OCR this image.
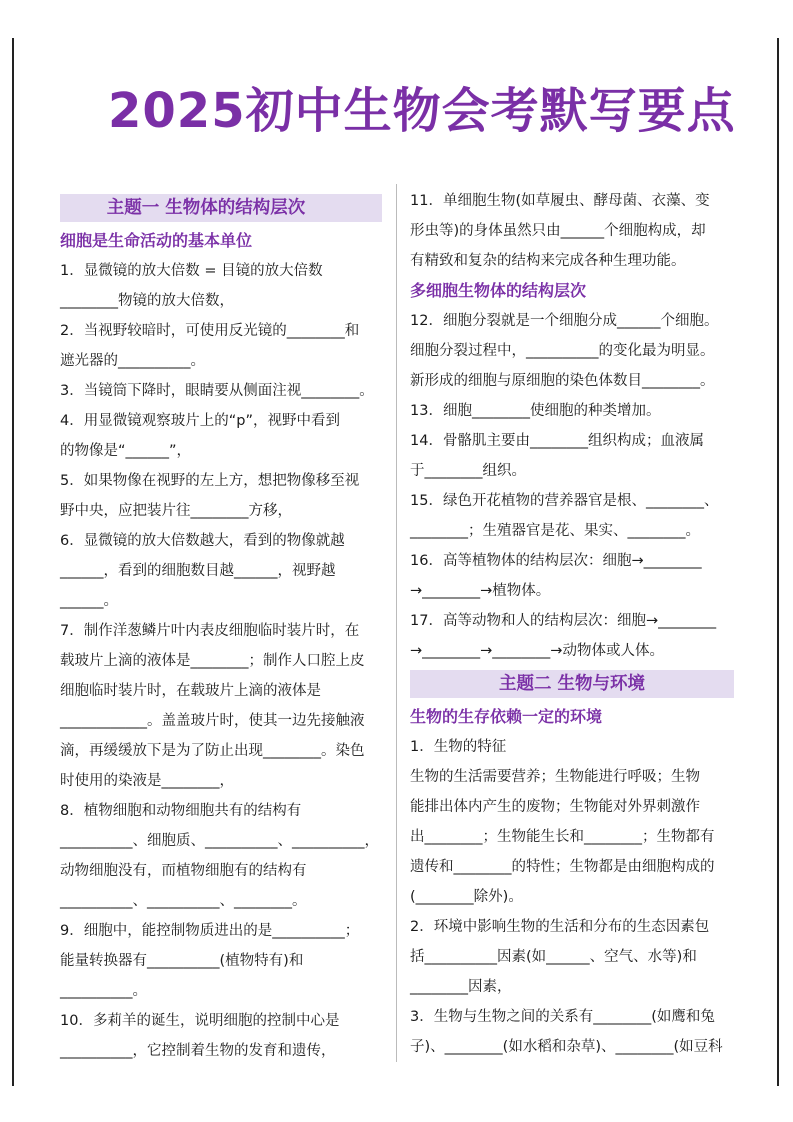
2025初中生物会考默写要点
主题一 生物体的结构层次
细胞是生命活动的基本单位
1．显微镜的放大倍数 = 目镜的放大倍数
________物镜的放大倍数，
2．当视野较暗时，可使用反光镜的________和
遮光器的__________。
3．当镜筒下降时，眼睛要从侧面注视________。
4．用显微镜观察玻片上的“p”，视野中看到
的物像是“______”，
5．如果物像在视野的左上方，想把物像移至视
野中央，应把装片往________方移，
6．显微镜的放大倍数越大，看到的物像就越
______，看到的细胞数目越______，视野越
______。
7．制作洋葱鳞片叶内表皮细胞临时装片时，在
载玻片上滴的液体是________；制作人口腔上皮
细胞临时装片时，在载玻片上滴的液体是
____________。盖盖玻片时，使其一边先接触液
滴，再缓缓放下是为了防止出现________。染色
时使用的染液是________，
8．植物细胞和动物细胞共有的结构有
__________、细胞质、__________、__________，
动物细胞没有，而植物细胞有的结构有
__________、__________、________。
9．细胞中，能控制物质进出的是__________；
能量转换器有__________(植物特有)和
__________。
10．多莉羊的诞生，说明细胞的控制中心是
__________，它控制着生物的发育和遗传，
11．单细胞生物(如草履虫、酵母菌、衣藻、变
形虫等)的身体虽然只由______个细胞构成，却
有精致和复杂的结构来完成各种生理功能。
多细胞生物体的结构层次
12．细胞分裂就是一个细胞分成______个细胞。
细胞分裂过程中，__________的变化最为明显。
新形成的细胞与原细胞的染色体数目________。
13．细胞________使细胞的种类增加。
14．骨骼肌主要由________组织构成；血液属
于________组织。
15．绿色开花植物的营养器官是根、________、
________；生殖器官是花、果实、________。
16．高等植物体的结构层次：细胞→________
→________→植物体。
17．高等动物和人的结构层次：细胞→________
→________→________→动物体或人体。
主题二 生物与环境
生物的生存依赖一定的环境
1．生物的特征
生物的生活需要营养；生物能进行呼吸；生物
能排出体内产生的废物；生物能对外界刺激作
出________；生物能生长和________；生物都有
遗传和________的特性；生物都是由细胞构成的
(________除外)。
2．环境中影响生物的生活和分布的生态因素包
括__________因素(如______、空气、水等)和
________因素，
3．生物与生物之间的关系有________(如鹰和兔
子)、________(如水稻和杂草)、________(如豆科
